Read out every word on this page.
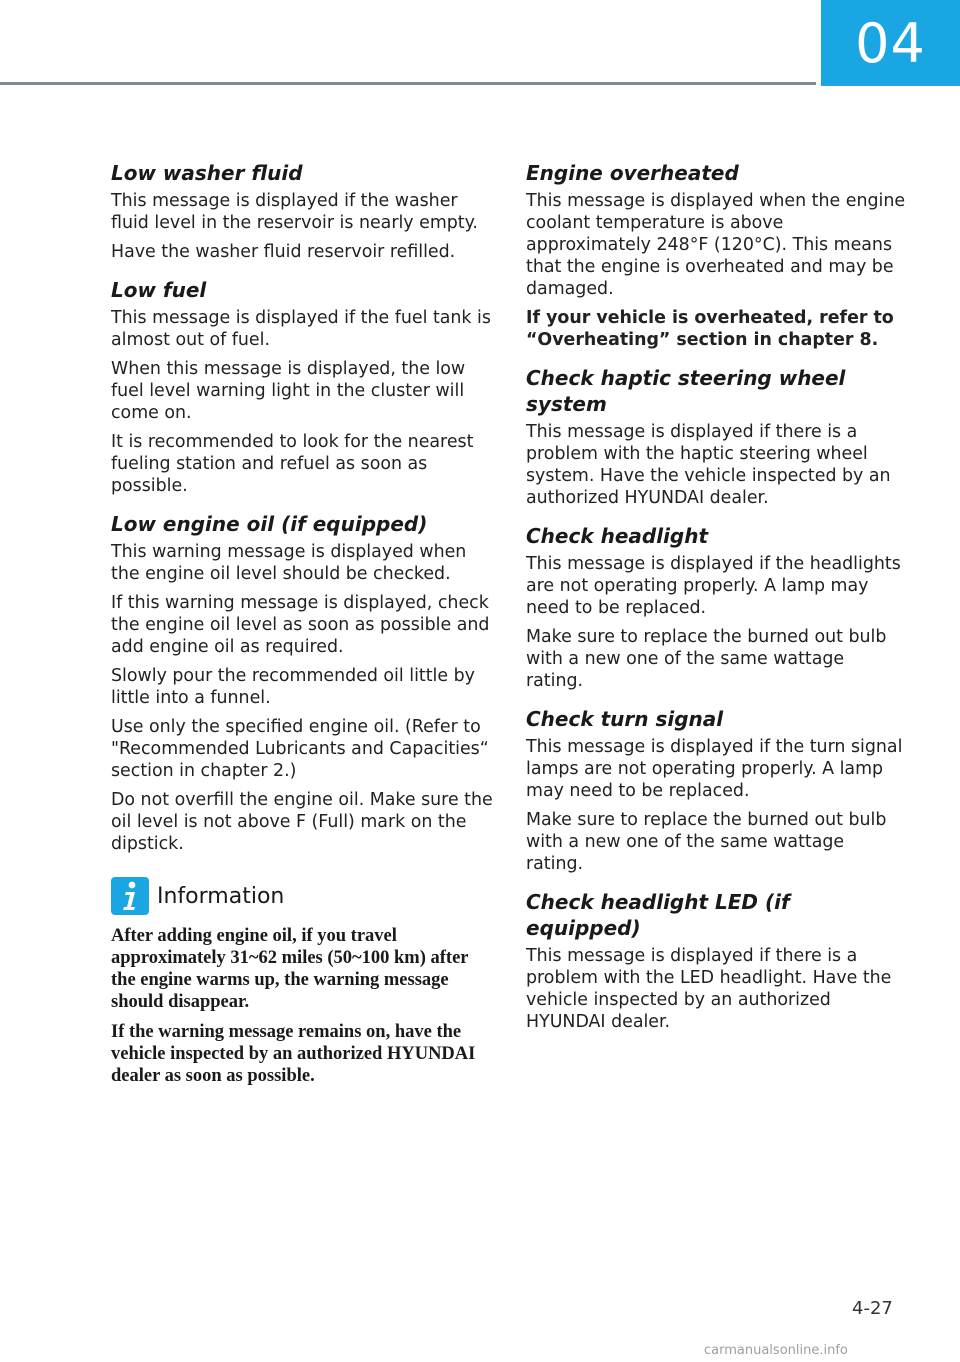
04
Low washer fluid

This message is displayed if the washer fluid level in the reservoir is nearly empty.

Have the washer fluid reservoir refilled.

Low fuel

This message is displayed if the fuel tank is almost out of fuel.

When this message is displayed, the low fuel level warning light in the cluster will come on.

It is recommended to look for the nearest fueling station and refuel as soon as possible.

Low engine oil (if equipped)

This warning message is displayed when the engine oil level should be checked.

If this warning message is displayed, check the engine oil level as soon as possible and add engine oil as required.

Slowly pour the recommended oil little by little into a funnel.

Use only the specified engine oil. (Refer to "Recommended Lubricants and Capacities“ section in chapter 2.)

Do not overfill the engine oil. Make sure the oil level is not above F (Full) mark on the dipstick.

Information

After adding engine oil, if you travel approximately 31~62 miles (50~100 km) after the engine warms up, the warning message should disappear.

If the warning message remains on, have the vehicle inspected by an authorized HYUNDAI dealer as soon as possible.

Engine overheated

This message is displayed when the engine coolant temperature is above approximately 248°F (120°C). This means that the engine is overheated and may be damaged.

If your vehicle is overheated, refer to “Overheating” section in chapter 8.

Check haptic steering wheel system

This message is displayed if there is a problem with the haptic steering wheel system. Have the vehicle inspected by an authorized HYUNDAI dealer.

Check headlight

This message is displayed if the headlights are not operating properly. A lamp may need to be replaced.

Make sure to replace the burned out bulb with a new one of the same wattage rating.

Check turn signal

This message is displayed if the turn signal lamps are not operating properly. A lamp may need to be replaced.

Make sure to replace the burned out bulb with a new one of the same wattage rating.

Check headlight LED (if equipped)

This message is displayed if there is a problem with the LED headlight. Have the vehicle inspected by an authorized HYUNDAI dealer.

4-27
carmanualsonline.info
